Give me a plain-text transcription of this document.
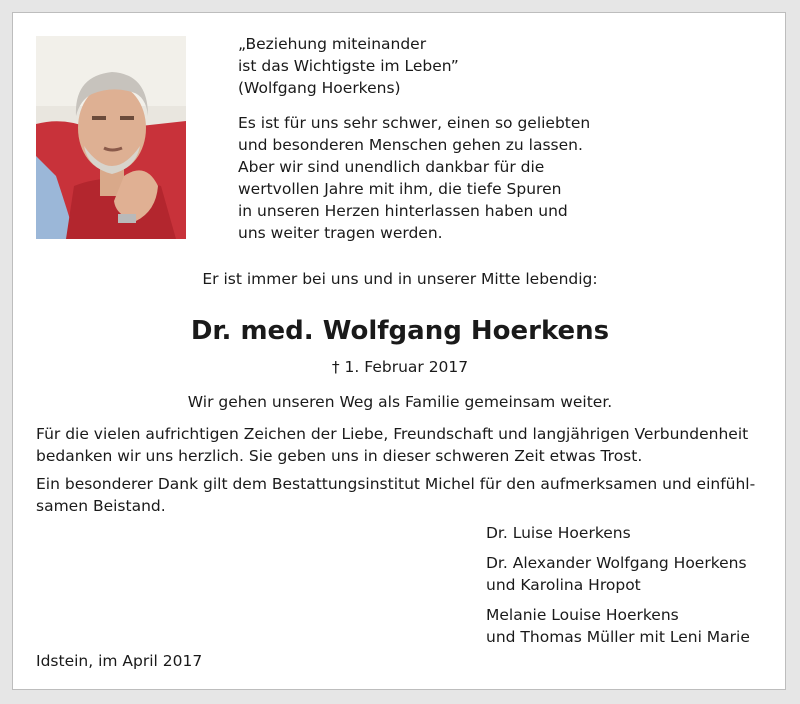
„Beziehung miteinander
ist das Wichtigste im Leben”
(Wolfgang Hoerkens)
Es ist für uns sehr schwer, einen so geliebten
und besonderen Menschen gehen zu lassen.
Aber wir sind unendlich dankbar für die
wertvollen Jahre mit ihm, die tiefe Spuren
in unseren Herzen hinterlassen haben und
uns weiter tragen werden.
Er ist immer bei uns und in unserer Mitte lebendig:
Dr. med. Wolfgang Hoerkens
† 1. Februar 2017
Wir gehen unseren Weg als Familie gemeinsam weiter.
Für die vielen aufrichtigen Zeichen der Liebe, Freundschaft und langjährigen Verbundenheit
bedanken wir uns herzlich. Sie geben uns in dieser schweren Zeit etwas Trost.
Ein besonderer Dank gilt dem Bestattungsinstitut Michel für den aufmerksamen und einfühl-
samen Beistand.
Dr. Luise Hoerkens
Dr. Alexander Wolfgang Hoerkens
und Karolina Hropot
Melanie Louise Hoerkens
und Thomas Müller mit Leni Marie
Idstein, im April 2017
